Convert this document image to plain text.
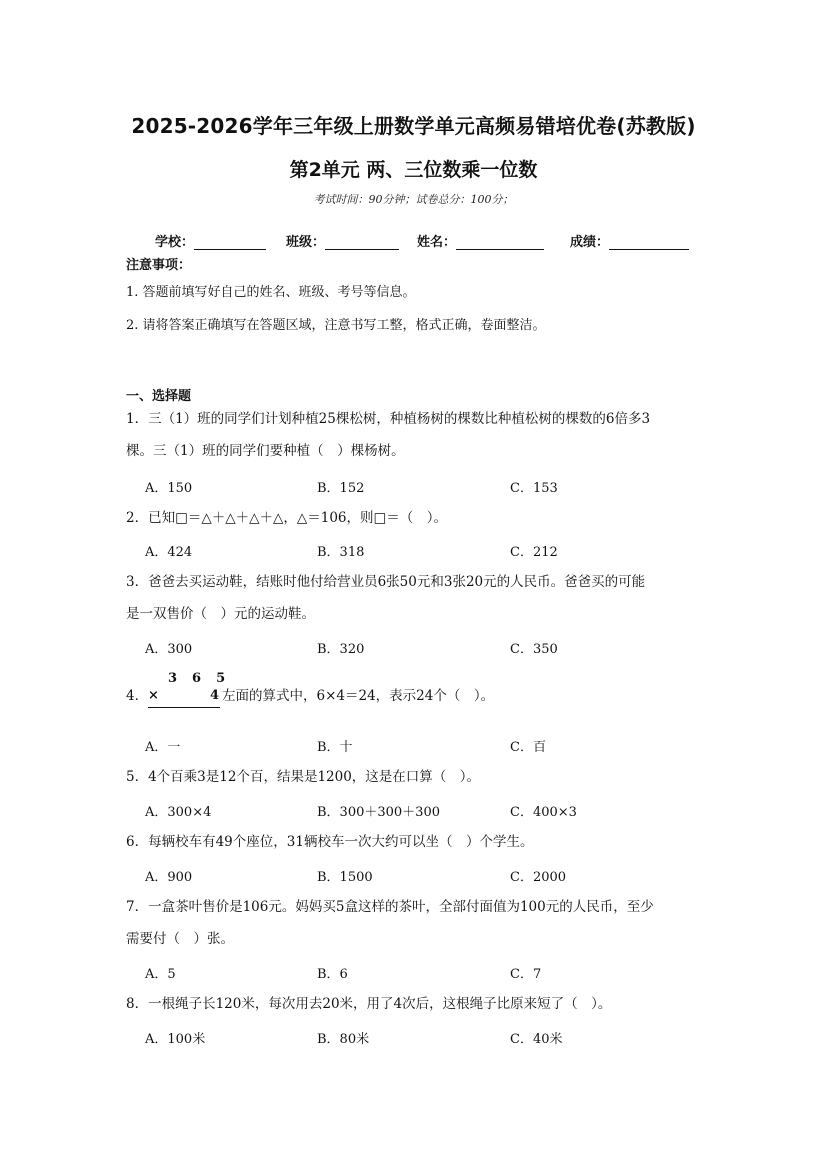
2025-2026学年三年级上册数学单元高频易错培优卷(苏教版)
第2单元 两、三位数乘一位数
考试时间：90分钟；试卷总分：100分；
学校：	班级：	姓名：	成绩：
注意事项：
1. 答题前填写好自己的姓名、班级、考号等信息。
2. 请将答案正确填写在答题区域，注意书写工整，格式正确，卷面整洁。
一、选择题
1．三（1）班的同学们计划种植25棵松树，种植杨树的棵数比种植松树的棵数的6倍多3
棵。三（1）班的同学们要种植（　）棵杨树。
A．150	B．152	C．153
2．已知□＝△＋△＋△＋△，△＝106，则□＝（　）。
A．424	B．318	C．212
3．爸爸去买运动鞋，结账时他付给营业员6张50元和3张20元的人民币。爸爸买的可能
是一双售价（　）元的运动鞋。
A．300	B．320	C．350
3　6　5
×	4
4．	左面的算式中，6×4＝24，表示24个（　）。
A．一	B．十	C．百
5．4个百乘3是12个百，结果是1200，这是在口算（　）。
A．300×4	B．300＋300＋300	C．400×3
6．每辆校车有49个座位，31辆校车一次大约可以坐（　）个学生。
A．900	B．1500	C．2000
7．一盒茶叶售价是106元。妈妈买5盒这样的茶叶，全部付面值为100元的人民币，至少
需要付（　）张。
A．5	B．6	C．7
8．一根绳子长120米，每次用去20米，用了4次后，这根绳子比原来短了（　）。
A．100米	B．80米	C．40米
